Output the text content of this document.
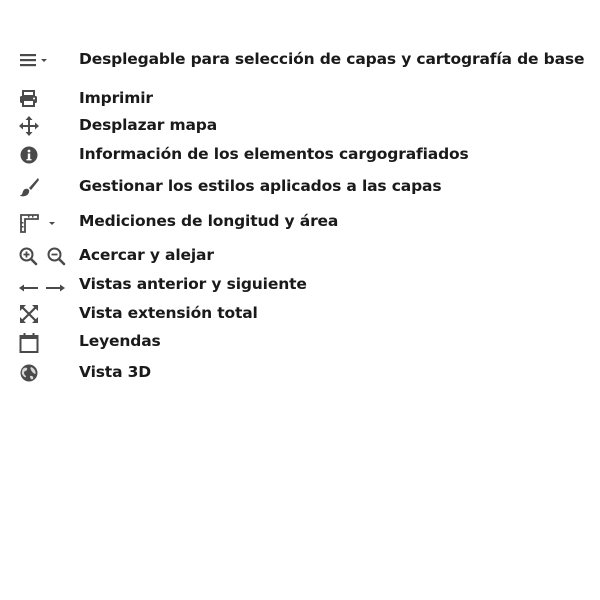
Desplegable para selección de capas y cartografía de base
Imprimir
Desplazar mapa
Información de los elementos cargografiados
Gestionar los estilos aplicados a las capas
Mediciones de longitud y área
Acercar y alejar
Vistas anterior y siguiente
Vista extensión total
Leyendas
Vista 3D
